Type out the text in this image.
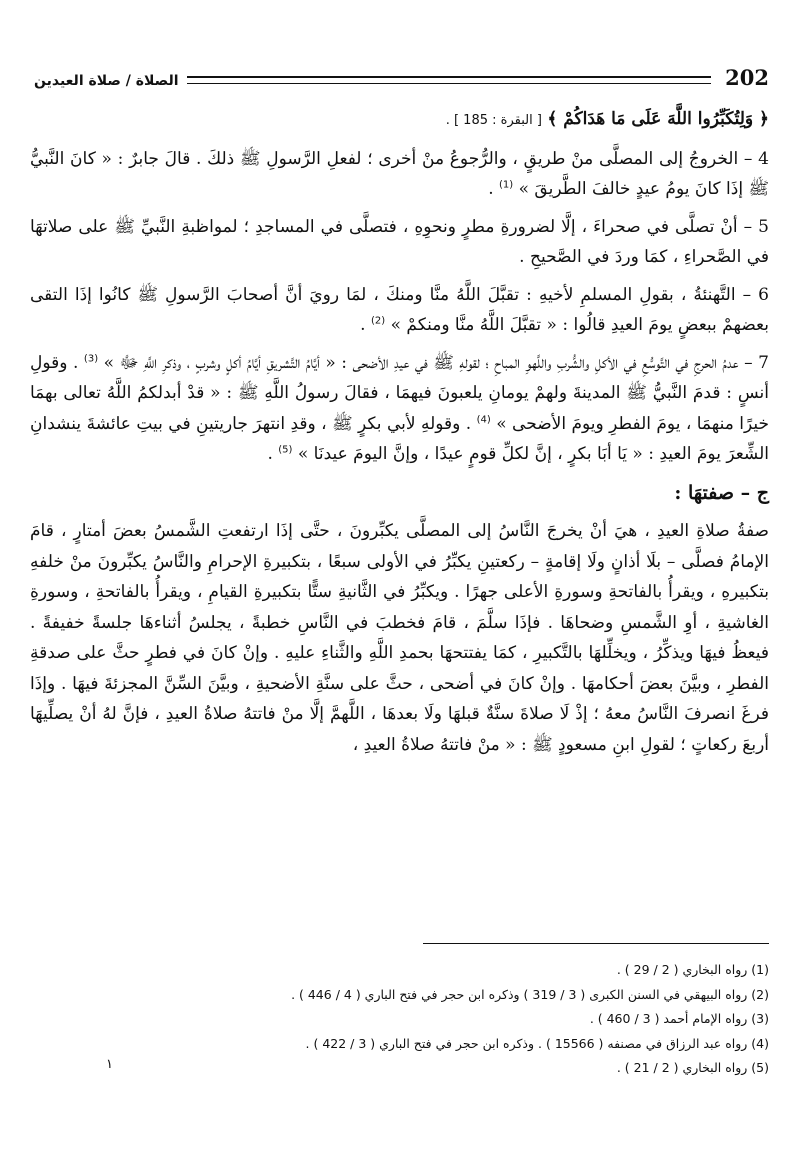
202
الصلاة / صلاة العيدين

﴿ وَلِتُكَبِّرُوا اللَّهَ عَلَى مَا هَدَاكُمْ ﴾ [ البقرة : 185 ] .

4 – الخروجُ إلى المصلَّى منْ طريقٍ ، والرُّجوعُ منْ أخرى ؛ لفعلِ الرَّسولِ ﷺ ذلكَ . قالَ جابرٌ : « كانَ النَّبيُّ ﷺ إذَا كانَ يومُ عيدٍ خالفَ الطَّريقَ » $^{(1)}$ .

5 – أنْ تصلَّى في صحراءَ ، إلَّا لضرورةِ مطرٍ ونحوِهِ ، فتصلَّى في المساجدِ ؛ لمواظبةِ النَّبيِّ ﷺ على صلاتهَا في الصَّحراءِ ، كمَا وردَ في الصَّحيحِ .

6 – التَّهنئةُ ، بقولِ المسلمِ لأخيهِ : تقبَّلَ اللَّهُ منَّا ومنكَ ، لمَا رويَ أنَّ أصحابَ الرَّسولِ ﷺ كانُوا إذَا التقى بعضهمْ ببعضٍ يومَ العيدِ قالُوا : « تقبَّلَ اللَّهُ منَّا ومنكمْ » $^{(2)}$ .

7 – عدمُ الحرجِ في التَّوسُّعِ في الأكلِ والشُّربِ واللَّهوِ المباحِ ؛ لقولهِ ﷺ في عيدِ الأضحى : « أيَّامُ التَّشريقِ أيَّامُ أكلٍ وشربٍ ، وذكرِ اللَّهِ ﷻ » $^{(3)}$ . وقولِ أنسٍ : قدمَ النَّبيُّ ﷺ المدينةَ ولهمْ يومانِ يلعبونَ فيهمَا ، فقالَ رسولُ اللَّهِ ﷺ : « قدْ أبدلكمُ اللَّهُ تعالى بهمَا خيرًا منهمَا ، يومَ الفطرِ ويومَ الأضحى » $^{(4)}$ . وقولهِ لأبي بكرٍ ﷺ ، وقدِ انتهرَ جاريتينِ في بيتِ عائشةَ ينشدانِ الشِّعرَ يومَ العيدِ : « يَا أبَا بكرٍ ، إنَّ لكلِّ قومٍ عيدًا ، وإنَّ اليومَ عيدنَا » $^{(5)}$ .

ج – صفتهَا :

صفةُ صلاةِ العيدِ ، هيَ أنْ يخرجَ النَّاسُ إلى المصلَّى يكبِّرونَ ، حتَّى إذَا ارتفعتِ الشَّمسُ بعضَ أمتارٍ ، قامَ الإمامُ فصلَّى – بلَا أذانٍ ولَا إقامةٍ – ركعتينِ يكبِّرُ في الأولى سبعًا ، بتكبيرةِ الإحرامِ والنَّاسُ يكبِّرونَ منْ خلفهِ بتكبيرهِ ، ويقرأُ بالفاتحةِ وسورةِ الأعلى جهرًا . ويكبِّرُ في الثَّانيةِ ستًّا بتكبيرةِ القيامِ ، ويقرأُ بالفاتحةِ ، وسورةِ الغاشيةِ ، أوِ الشَّمسِ وضحاهَا . فإذَا سلَّمَ ، قامَ فخطبَ في النَّاسِ خطبةً ، يجلسُ أثناءهَا جلسةً خفيفةً . فيعظُ فيهَا ويذكِّرُ ، ويخلِّلهَا بالتَّكبيرِ ، كمَا يفتتحهَا بحمدِ اللَّهِ والثَّناءِ عليهِ . وإنْ كانَ في فطرٍ حثَّ على صدقةِ الفطرِ ، وبيَّنَ بعضَ أحكامهَا . وإنْ كانَ في أضحى ، حثَّ على سنَّةِ الأضحيةِ ، وبيَّنَ السِّنَّ المجزئةَ فيهَا . وإذَا فرغَ انصرفَ النَّاسُ معهُ ؛ إذْ لَا صلاةَ سنَّةٌ قبلهَا ولَا بعدهَا ، اللَّهمَّ إلَّا منْ فاتتهُ صلاةُ العيدِ ، فإنَّ لهُ أنْ يصلِّيهَا أربعَ ركعاتٍ ؛ لقولِ ابنِ مسعودٍ ﷺ : « منْ فاتتهُ صلاةُ العيدِ ،

(1) رواه البخاري ( 2 / 29 ) .
(2) رواه البيهقي في السنن الكبرى ( 3 / 319 ) وذكره ابن حجر في فتح الباري ( 4 / 446 ) .
(3) رواه الإمام أحمد ( 3 / 460 ) .
(4) رواه عبد الرزاق في مصنفه ( 15566 ) . وذكره ابن حجر في فتح الباري ( 3 / 422 ) .
(5) رواه البخاري ( 2 / 21 ) .
١
